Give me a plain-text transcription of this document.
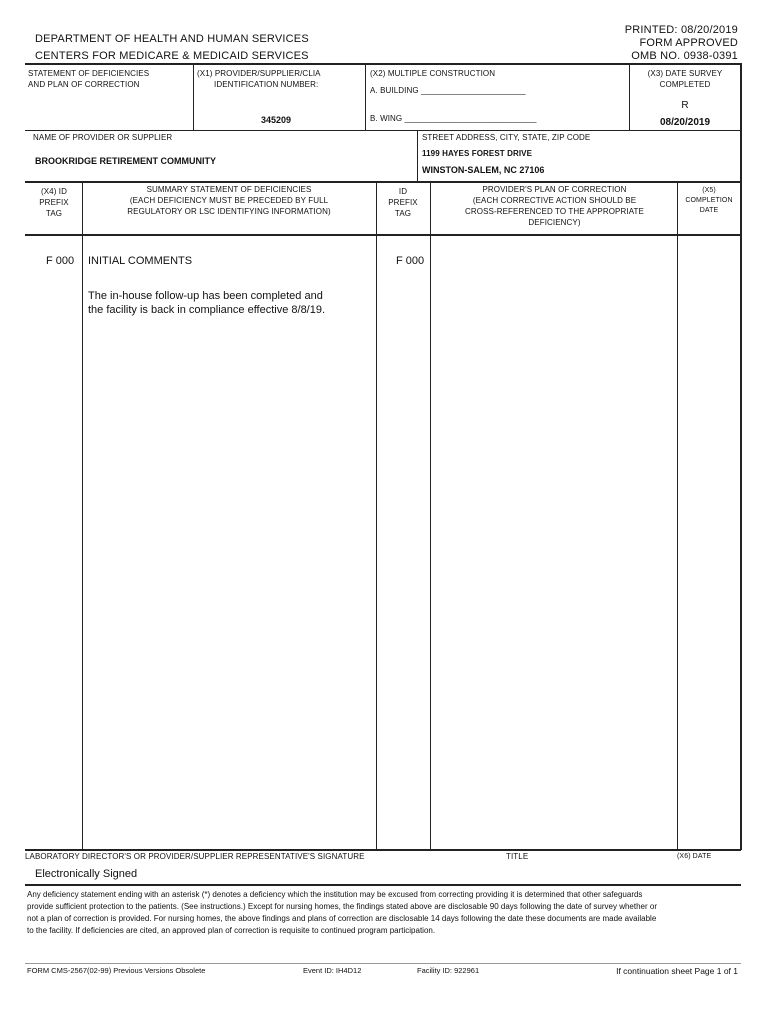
DEPARTMENT OF HEALTH AND HUMAN SERVICES
CENTERS FOR MEDICARE & MEDICAID SERVICES
PRINTED: 08/20/2019
FORM APPROVED
OMB NO. 0938-0391
STATEMENT OF DEFICIENCIES
AND PLAN OF CORRECTION
(X1) PROVIDER/SUPPLIER/CLIA
IDENTIFICATION NUMBER:
345209
(X2) MULTIPLE CONSTRUCTION
A. BUILDING _______________________
B. WING _____________________________
(X3) DATE SURVEY
COMPLETED
R
08/20/2019
NAME OF PROVIDER OR SUPPLIER
BROOKRIDGE RETIREMENT COMMUNITY
STREET ADDRESS, CITY, STATE, ZIP CODE
1199 HAYES FOREST DRIVE
WINSTON-SALEM, NC 27106
(X4) ID
PREFIX
TAG
SUMMARY STATEMENT OF DEFICIENCIES
(EACH DEFICIENCY MUST BE PRECEDED BY FULL
REGULATORY OR LSC IDENTIFYING INFORMATION)
ID
PREFIX
TAG
PROVIDER'S PLAN OF CORRECTION
(EACH CORRECTIVE ACTION SHOULD BE
CROSS-REFERENCED TO THE APPROPRIATE
DEFICIENCY)
(X5)
COMPLETION
DATE
F 000 INITIAL COMMENTS
The in-house follow-up has been completed and
the facility is back in compliance effective 8/8/19.
F 000
LABORATORY DIRECTOR'S OR PROVIDER/SUPPLIER REPRESENTATIVE'S SIGNATURE	TITLE	(X6) DATE
Electronically Signed
Any deficiency statement ending with an asterisk (*) denotes a deficiency which the institution may be excused from correcting providing it is determined that other safeguards provide sufficient protection to the patients. (See instructions.) Except for nursing homes, the findings stated above are disclosable 90 days following the date of survey whether or not a plan of correction is provided. For nursing homes, the above findings and plans of correction are disclosable 14 days following the date these documents are made available to the facility. If deficiencies are cited, an approved plan of correction is requisite to continued program participation.
FORM CMS-2567(02-99) Previous Versions Obsolete	Event ID: IH4D12	Facility ID: 922961	If continuation sheet Page 1 of 1
